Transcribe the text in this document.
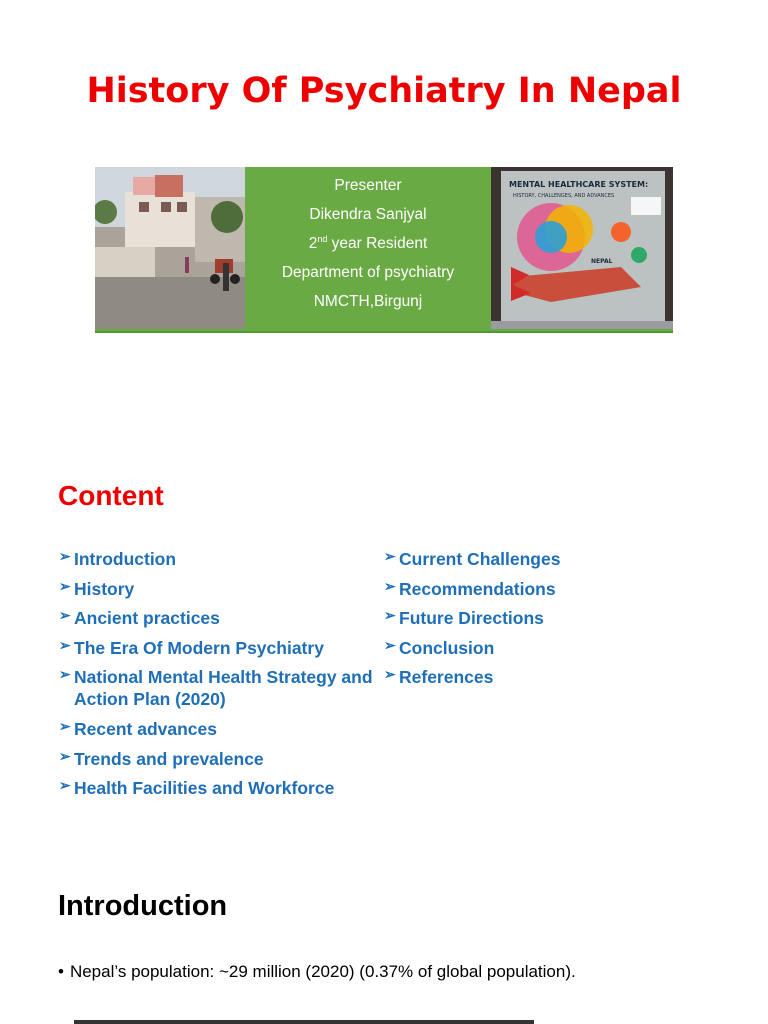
History Of Psychiatry In Nepal
Presenter
Dikendra Sanjyal
2nd year Resident
Department of psychiatry
NMCTH,Birgunj
MENTAL HEALTHCARE SYSTEM:
HISTORY, CHALLENGES, AND ADVANCES
NEPAL
Content
➢ Introduction
➢ History
➢ Ancient practices
➢ The Era Of Modern Psychiatry
➢ National Mental Health Strategy and Action Plan (2020)
➢ Recent advances
➢ Trends and prevalence
➢ Health Facilities and Workforce
➢ Current Challenges
➢ Recommendations
➢ Future Directions
➢ Conclusion
➢ References
Introduction
• Nepal’s population: ~29 million (2020) (0.37% of global population).
